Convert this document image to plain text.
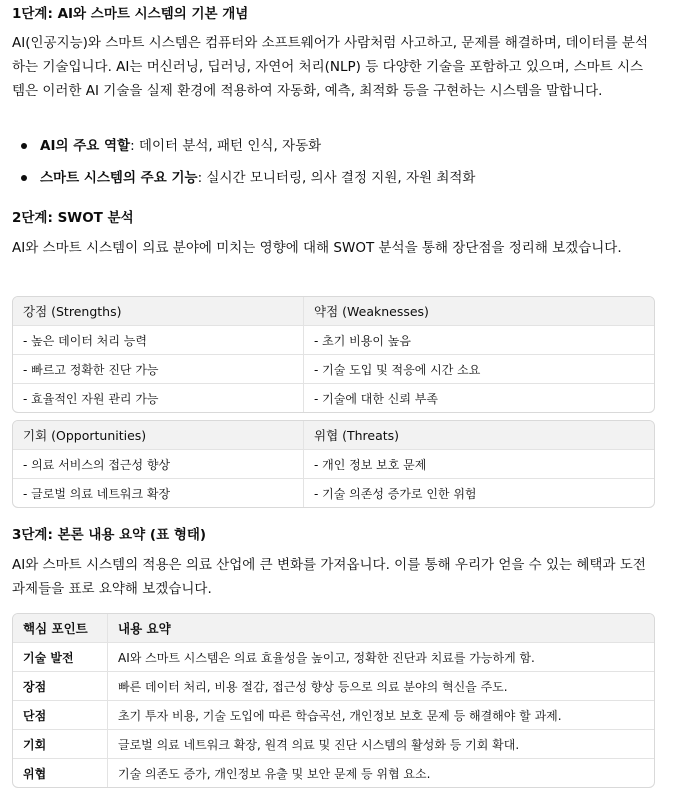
1단계: AI와 스마트 시스템의 기본 개념

AI(인공지능)와 스마트 시스템은 컴퓨터와 소프트웨어가 사람처럼 사고하고, 문제를 해결하며, 데이터를 분석하는 기술입니다. AI는 머신러닝, 딥러닝, 자연어 처리(NLP) 등 다양한 기술을 포함하고 있으며, 스마트 시스템은 이러한 AI 기술을 실제 환경에 적용하여 자동화, 예측, 최적화 등을 구현하는 시스템을 말합니다.

AI의 주요 역할: 데이터 분석, 패턴 인식, 자동화
스마트 시스템의 주요 기능: 실시간 모니터링, 의사 결정 지원, 자원 최적화
2단계: SWOT 분석

AI와 스마트 시스템이 의료 분야에 미치는 영향에 대해 SWOT 분석을 통해 장단점을 정리해 보겠습니다.

강점 (Strengths)	약점 (Weaknesses)
- 높은 데이터 처리 능력	- 초기 비용이 높음
- 빠르고 정확한 진단 가능	- 기술 도입 및 적응에 시간 소요
- 효율적인 자원 관리 가능	- 기술에 대한 신뢰 부족
기회 (Opportunities)	위협 (Threats)
- 의료 서비스의 접근성 향상	- 개인 정보 보호 문제
- 글로벌 의료 네트워크 확장	- 기술 의존성 증가로 인한 위험
3단계: 본론 내용 요약 (표 형태)

AI와 스마트 시스템의 적용은 의료 산업에 큰 변화를 가져옵니다. 이를 통해 우리가 얻을 수 있는 혜택과 도전 과제들을 표로 요약해 보겠습니다.

핵심 포인트	내용 요약
기술 발전	AI와 스마트 시스템은 의료 효율성을 높이고, 정확한 진단과 치료를 가능하게 함.
장점	빠른 데이터 처리, 비용 절감, 접근성 향상 등으로 의료 분야의 혁신을 주도.
단점	초기 투자 비용, 기술 도입에 따른 학습곡선, 개인정보 보호 문제 등 해결해야 할 과제.
기회	글로벌 의료 네트워크 확장, 원격 의료 및 진단 시스템의 활성화 등 기회 확대.
위협	기술 의존도 증가, 개인정보 유출 및 보안 문제 등 위협 요소.
